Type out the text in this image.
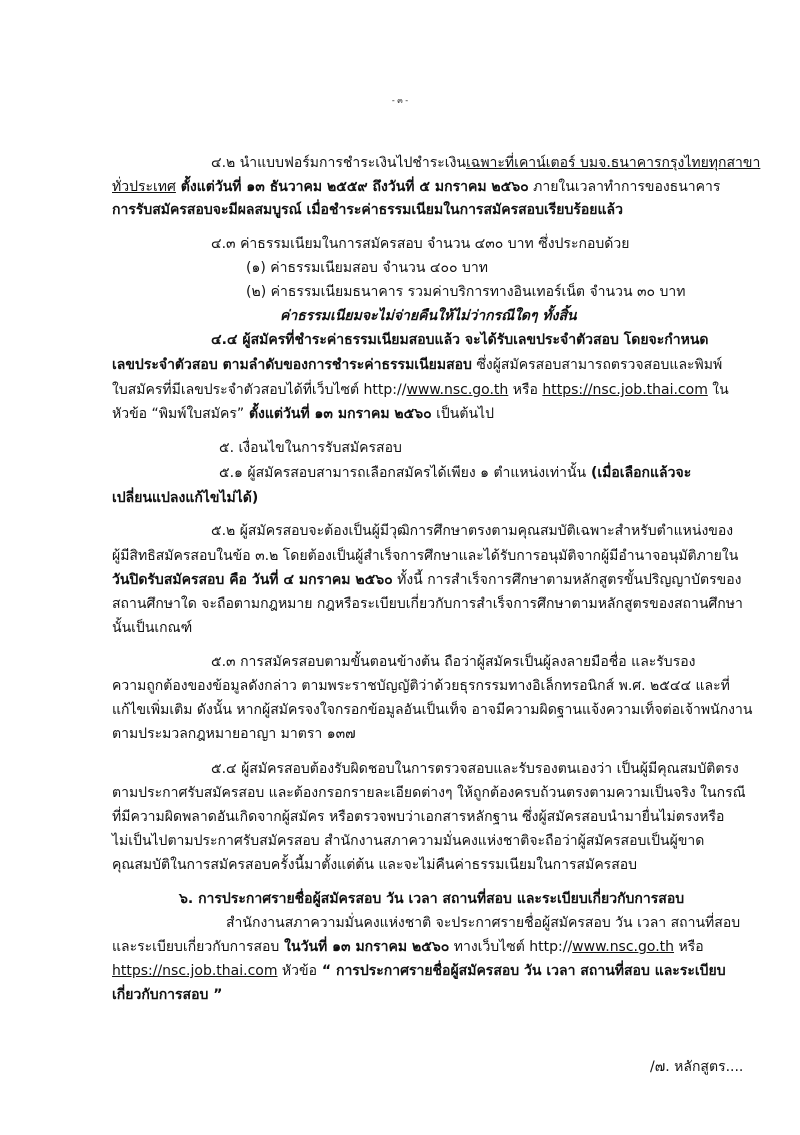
- ๓ -
๔.๒ นำแบบฟอร์มการชำระเงินไปชำระเงินเฉพาะที่เคาน์เตอร์ บมจ.ธนาคารกรุงไทยทุกสาขา
ทั่วประเทศ ตั้งแต่วันที่ ๑๓ ธันวาคม ๒๕๕๙ ถึงวันที่ ๕ มกราคม ๒๕๖๐ ภายในเวลาทำการของธนาคาร
การรับสมัครสอบจะมีผลสมบูรณ์ เมื่อชำระค่าธรรมเนียมในการสมัครสอบเรียบร้อยแล้ว
๔.๓ ค่าธรรมเนียมในการสมัครสอบ จำนวน ๔๓๐ บาท ซึ่งประกอบด้วย
(๑) ค่าธรรมเนียมสอบ จำนวน ๔๐๐ บาท
(๒) ค่าธรรมเนียมธนาคาร รวมค่าบริการทางอินเทอร์เน็ต จำนวน ๓๐ บาท
ค่าธรรมเนียมจะไม่จ่ายคืนให้ไม่ว่ากรณีใดๆ ทั้งสิ้น
๔.๔ ผู้สมัครที่ชำระค่าธรรมเนียมสอบแล้ว จะได้รับเลขประจำตัวสอบ โดยจะกำหนด
เลขประจำตัวสอบ ตามลำดับของการชำระค่าธรรมเนียมสอบ ซึ่งผู้สมัครสอบสามารถตรวจสอบและพิมพ์
ใบสมัครที่มีเลขประจำตัวสอบได้ที่เว็บไซต์ http://www.nsc.go.th หรือ https://nsc.job.thai.com ใน
หัวข้อ “พิมพ์ใบสมัคร” ตั้งแต่วันที่ ๑๓ มกราคม ๒๕๖๐ เป็นต้นไป
๕. เงื่อนไขในการรับสมัครสอบ
๕.๑ ผู้สมัครสอบสามารถเลือกสมัครได้เพียง ๑ ตำแหน่งเท่านั้น (เมื่อเลือกแล้วจะ
เปลี่ยนแปลงแก้ไขไม่ได้)
๕.๒ ผู้สมัครสอบจะต้องเป็นผู้มีวุฒิการศึกษาตรงตามคุณสมบัติเฉพาะสำหรับตำแหน่งของ
ผู้มีสิทธิสมัครสอบในข้อ ๓.๒ โดยต้องเป็นผู้สำเร็จการศึกษาและได้รับการอนุมัติจากผู้มีอำนาจอนุมัติภายใน
วันปิดรับสมัครสอบ คือ วันที่ ๔ มกราคม ๒๕๖๐ ทั้งนี้ การสำเร็จการศึกษาตามหลักสูตรขั้นปริญญาบัตรของ
สถานศึกษาใด จะถือตามกฎหมาย กฎหรือระเบียบเกี่ยวกับการสำเร็จการศึกษาตามหลักสูตรของสถานศึกษา
นั้นเป็นเกณฑ์
๕.๓ การสมัครสอบตามขั้นตอนข้างต้น ถือว่าผู้สมัครเป็นผู้ลงลายมือชื่อ และรับรอง
ความถูกต้องของข้อมูลดังกล่าว ตามพระราชบัญญัติว่าด้วยธุรกรรมทางอิเล็กทรอนิกส์ พ.ศ. ๒๕๔๔ และที่
แก้ไขเพิ่มเติม ดังนั้น หากผู้สมัครจงใจกรอกข้อมูลอันเป็นเท็จ อาจมีความผิดฐานแจ้งความเท็จต่อเจ้าพนักงาน
ตามประมวลกฎหมายอาญา มาตรา ๑๓๗
๕.๔ ผู้สมัครสอบต้องรับผิดชอบในการตรวจสอบและรับรองตนเองว่า เป็นผู้มีคุณสมบัติตรง
ตามประกาศรับสมัครสอบ และต้องกรอกรายละเอียดต่างๆ ให้ถูกต้องครบถ้วนตรงตามความเป็นจริง ในกรณี
ที่มีความผิดพลาดอันเกิดจากผู้สมัคร หรือตรวจพบว่าเอกสารหลักฐาน ซึ่งผู้สมัครสอบนำมายื่นไม่ตรงหรือ
ไม่เป็นไปตามประกาศรับสมัครสอบ สำนักงานสภาความมั่นคงแห่งชาติจะถือว่าผู้สมัครสอบเป็นผู้ขาด
คุณสมบัติในการสมัครสอบครั้งนี้มาตั้งแต่ต้น และจะไม่คืนค่าธรรมเนียมในการสมัครสอบ
๖. การประกาศรายชื่อผู้สมัครสอบ วัน เวลา สถานที่สอบ และระเบียบเกี่ยวกับการสอบ
สำนักงานสภาความมั่นคงแห่งชาติ จะประกาศรายชื่อผู้สมัครสอบ วัน เวลา สถานที่สอบ
และระเบียบเกี่ยวกับการสอบ ในวันที่ ๑๓ มกราคม ๒๕๖๐ ทางเว็บไซต์ http://www.nsc.go.th หรือ
https://nsc.job.thai.com หัวข้อ “ การประกาศรายชื่อผู้สมัครสอบ วัน เวลา สถานที่สอบ และระเบียบ
เกี่ยวกับการสอบ ”
/๗. หลักสูตร....
